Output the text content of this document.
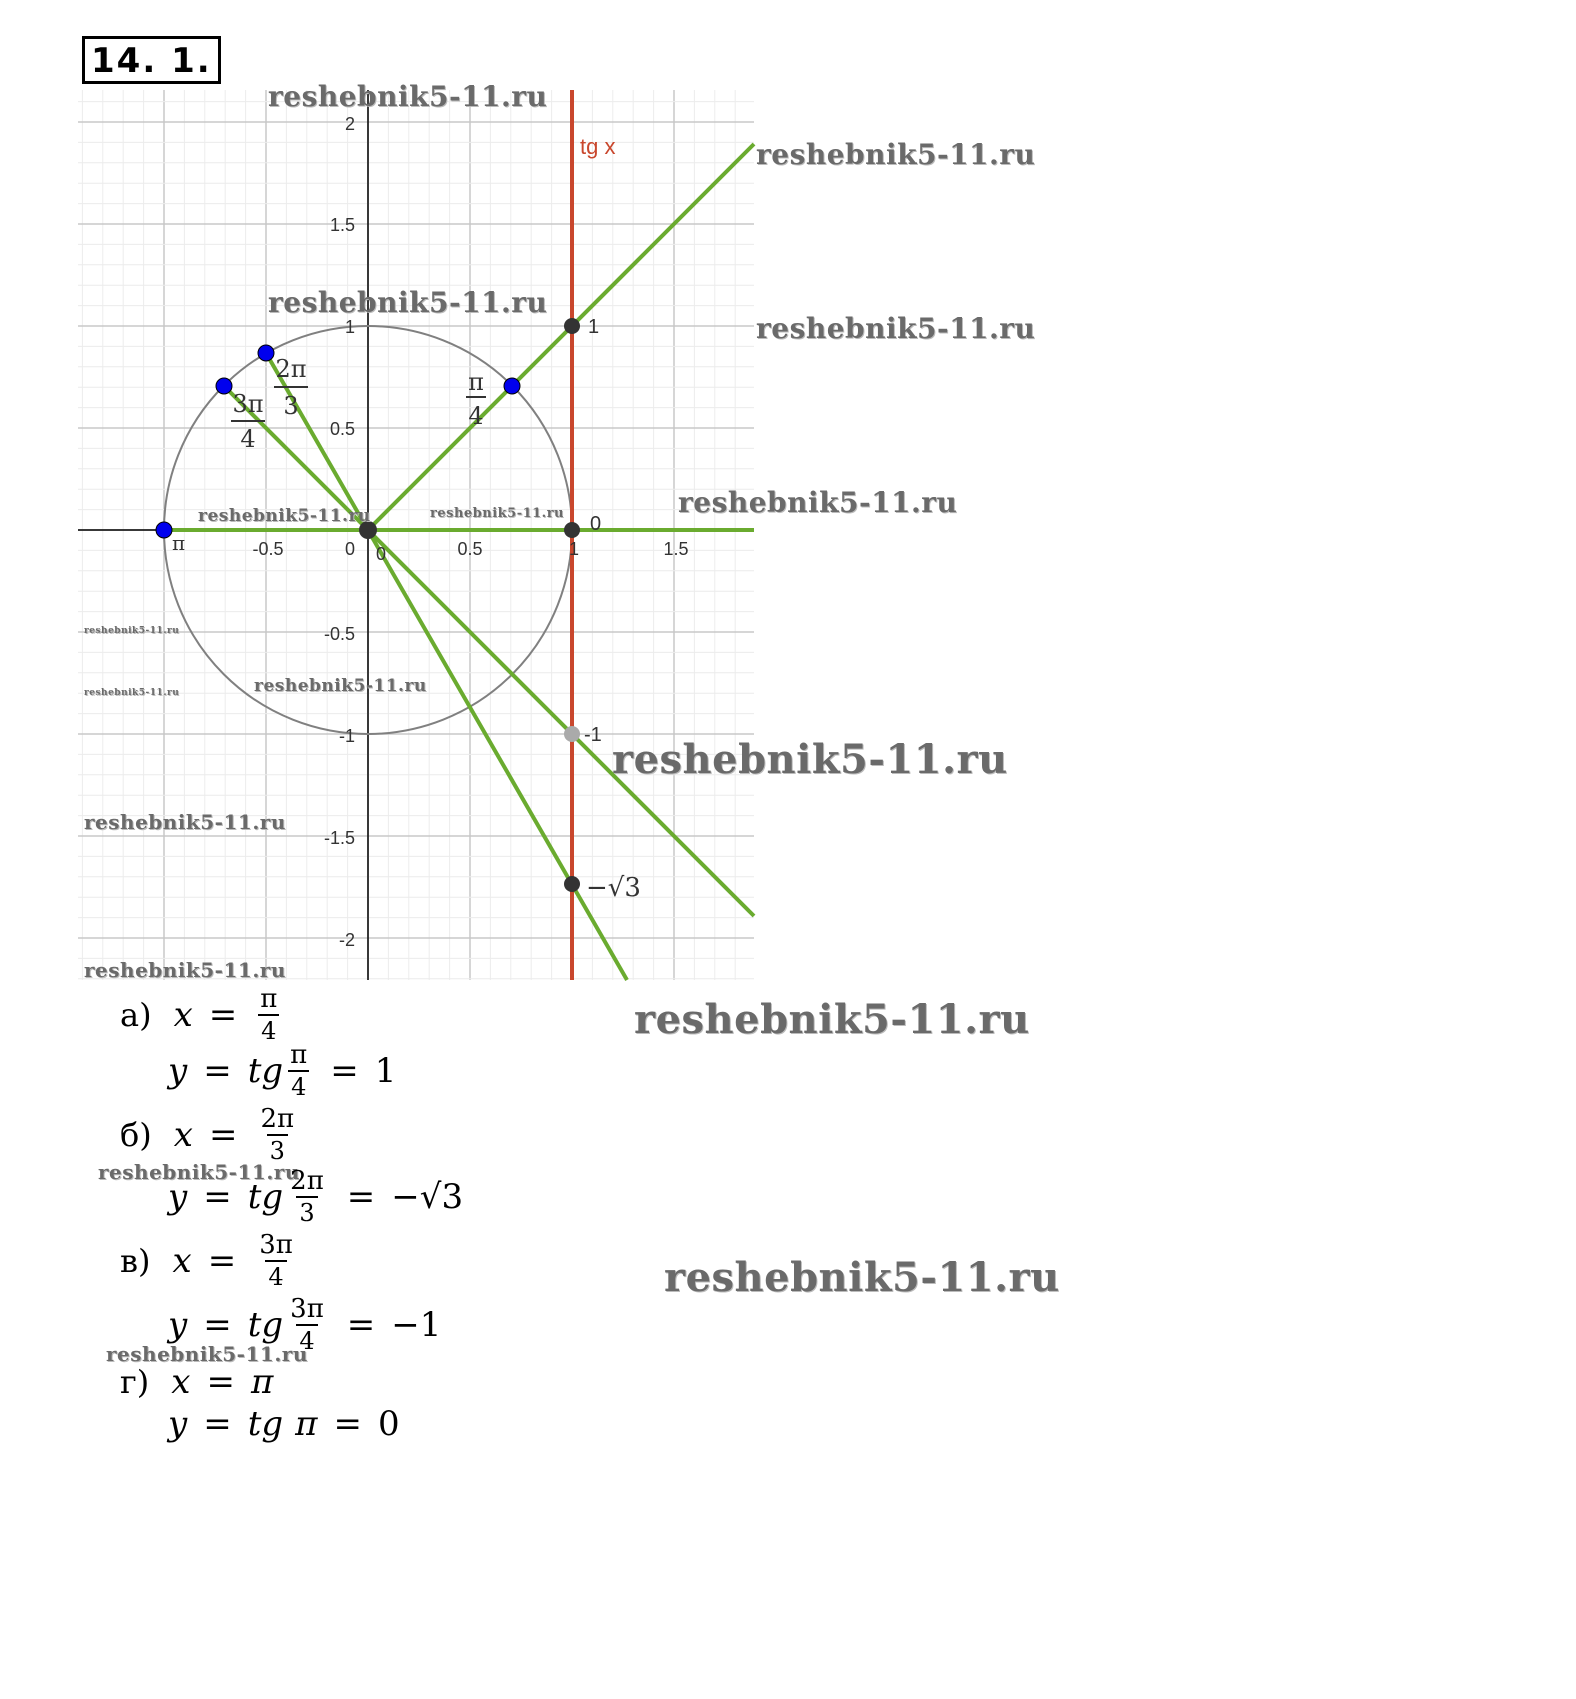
14. 1.
tg x
-0.5	0	0.5	1	1.5
2
1.5
1
0.5
-0.5
-1
-1.5
-2
0
π
π
4
2π
3
3π
4
1
0
-1
−√3
reshebnik5-11.ru
reshebnik5-11.ru
reshebnik5-11.ru
reshebnik5-11.ru
reshebnik5-11.ru
reshebnik5-11.ru	reshebnik5-11.ru
reshebnik5-11.ru
reshebnik5-11.ru	reshebnik5-11.ru
reshebnik5-11.ru
reshebnik5-11.ru
reshebnik5-11.ru
reshebnik5-11.ru
reshebnik5-11.ru
reshebnik5-11.ru
reshebnik5-11.ru
а) $x = \frac{\pi}{4}$
y = tg $\frac{\pi}{4} = 1$
б) $x = \frac{2\pi}{3}$
y = tg $\frac{2\pi}{3} = -√3$
в) $x = \frac{3\pi}{4}$
y = tg $\frac{3\pi}{4} = -1$
г) x = π
y = tg π = 0
